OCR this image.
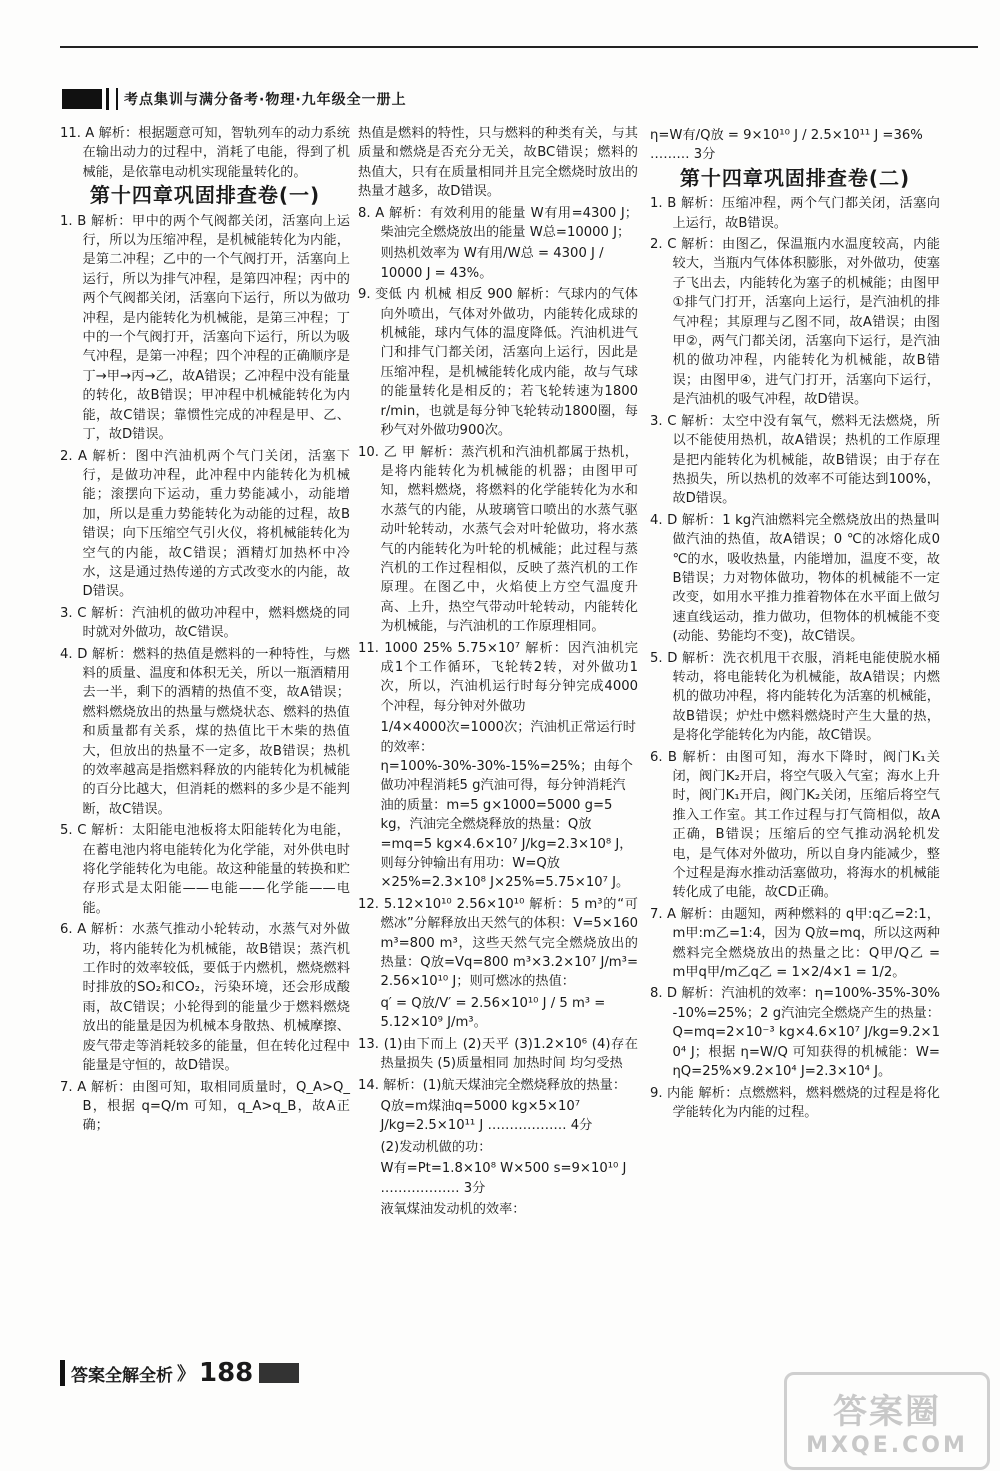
考点集训与满分备考·物理·九年级全一册上

11. A 解析：根据题意可知，智轨列车的动力系统在输出动力的过程中，消耗了电能，得到了机械能，是依靠电动机实现能量转化的。

第十四章巩固排查卷(一)

1. B 解析：甲中的两个气阀都关闭，活塞向上运行，所以为压缩冲程，是机械能转化为内能，是第二冲程；乙中的一个气阀打开，活塞向上运行，所以为排气冲程，是第四冲程；丙中的两个气阀都关闭，活塞向下运行，所以为做功冲程，是内能转化为机械能，是第三冲程；丁中的一个气阀打开，活塞向下运行，所以为吸气冲程，是第一冲程；四个冲程的正确顺序是丁→甲→丙→乙，故A错误；乙冲程中没有能量的转化，故B错误；甲冲程中机械能转化为内能，故C错误；靠惯性完成的冲程是甲、乙、丁，故D错误。

2. A 解析：图中汽油机两个气门关闭，活塞下行，是做功冲程，此冲程中内能转化为机械能；滚摆向下运动，重力势能减小，动能增加，所以是重力势能转化为动能的过程，故B错误；向下压缩空气引火仪，将机械能转化为空气的内能，故C错误；酒精灯加热杯中冷水，这是通过热传递的方式改变水的内能，故D错误。

3. C 解析：汽油机的做功冲程中，燃料燃烧的同时就对外做功，故C错误。

4. D 解析：燃料的热值是燃料的一种特性，与燃料的质量、温度和体积无关，所以一瓶酒精用去一半，剩下的酒精的热值不变，故A错误；燃料燃烧放出的热量与燃烧状态、燃料的热值和质量都有关系，煤的热值比干木柴的热值大，但放出的热量不一定多，故B错误；热机的效率越高是指燃料释放的内能转化为机械能的百分比越大，但消耗的燃料的多少是不能判断，故C错误。

5. C 解析：太阳能电池板将太阳能转化为电能，在蓄电池内将电能转化为化学能，对外供电时将化学能转化为电能。故这种能量的转换和贮存形式是太阳能——电能——化学能——电能。

6. A 解析：水蒸气推动小轮转动，水蒸气对外做功，将内能转化为机械能，故B错误；蒸汽机工作时的效率较低，要低于内燃机，燃烧燃料时排放的SO₂和CO₂，污染环境，还会形成酸雨，故C错误；小轮得到的能量少于燃料燃烧放出的能量是因为机械本身散热、机械摩擦、废气带走等消耗较多的能量，但在转化过程中能量是守恒的，故D错误。

7. A 解析：由图可知，取相同质量时，Q_A>Q_B，根据 q=Q/m 可知，q_A>q_B，故A正确；

热值是燃料的特性，只与燃料的种类有关，与其质量和燃烧是否充分无关，故BC错误；燃料的热值大，只有在质量相同并且完全燃烧时放出的热量才越多，故D错误。

8. A 解析：有效利用的能量 W有用=4300 J；柴油完全燃烧放出的能量 W总=10000 J；

则热机效率为 W有用/W总 = 4300 J / 10000 J = 43%。

9. 变低 内 机械 相反 900 解析：气球内的气体向外喷出，气体对外做功，内能转化成球的机械能，球内气体的温度降低。汽油机进气门和排气门都关闭，活塞向上运行，因此是压缩冲程，是机械能转化成内能，故与气球的能量转化是相反的；若飞轮转速为1800 r/min，也就是每分钟飞轮转动1800圈，每秒气对外做功900次。

10. 乙 甲 解析：蒸汽机和汽油机都属于热机，是将内能转化为机械能的机器；由图甲可知，燃料燃烧，将燃料的化学能转化为水和水蒸气的内能，从玻璃管口喷出的水蒸气驱动叶轮转动，水蒸气会对叶轮做功，将水蒸气的内能转化为叶轮的机械能；此过程与蒸汽机的工作过程相似，反映了蒸汽机的工作原理。在图乙中，火焰使上方空气温度升高、上升，热空气带动叶轮转动，内能转化为机械能，与汽油机的工作原理相同。

11. 1000 25% 5.75×10⁷ 解析：因汽油机完成1个工作循环，飞轮转2转，对外做功1次，所以，汽油机运行时每分钟完成4000个冲程，每分钟对外做功

1/4×4000次=1000次；汽油机正常运行时的效率：η=100%-30%-30%-15%=25%；由每个做功冲程消耗5 g汽油可得，每分钟消耗汽油的质量：m=5 g×1000=5000 g=5 kg，汽油完全燃烧释放的热量：Q放=mq=5 kg×4.6×10⁷ J/kg=2.3×10⁸ J，则每分钟输出有用功：W=Q放×25%=2.3×10⁸ J×25%=5.75×10⁷ J。

12. 5.12×10¹⁰ 2.56×10¹⁰ 解析：5 m³的“可燃冰”分解释放出天然气的体积：V=5×160 m³=800 m³，这些天然气完全燃烧放出的热量：Q放=Vq=800 m³×3.2×10⁷ J/m³=2.56×10¹⁰ J；则可燃冰的热值：

q′ = Q放/V′ = 2.56×10¹⁰ J / 5 m³ = 5.12×10⁹ J/m³。

13. (1)由下而上 (2)天平 (3)1.2×10⁶ (4)存在热量损失 (5)质量相同 加热时间 均匀受热

14. 解析：(1)航天煤油完全燃烧释放的热量：

Q放=m煤油q=5000 kg×5×10⁷ J/kg=2.5×10¹¹ J ……………… 4分

(2)发动机做的功：

W有=Pt=1.8×10⁸ W×500 s=9×10¹⁰ J ……………… 3分

液氧煤油发动机的效率：

η=W有/Q放 = 9×10¹⁰ J / 2.5×10¹¹ J =36% ……… 3分

第十四章巩固排查卷(二)

1. B 解析：压缩冲程，两个气门都关闭，活塞向上运行，故B错误。

2. C 解析：由图乙，保温瓶内水温度较高，内能较大，当瓶内气体体积膨胀，对外做功，使塞子飞出去，内能转化为塞子的机械能；由图甲①排气门打开，活塞向上运行，是汽油机的排气冲程；其原理与乙图不同，故A错误；由图甲②，两气门都关闭，活塞向下运行，是汽油机的做功冲程，内能转化为机械能，故B错误；由图甲④，进气门打开，活塞向下运行，是汽油机的吸气冲程，故D错误。

3. C 解析：太空中没有氧气，燃料无法燃烧，所以不能使用热机，故A错误；热机的工作原理是把内能转化为机械能，故B错误；由于存在热损失，所以热机的效率不可能达到100%，故D错误。

4. D 解析：1 kg汽油燃料完全燃烧放出的热量叫做汽油的热值，故A错误；0 ℃的冰熔化成0 ℃的水，吸收热量，内能增加，温度不变，故B错误；力对物体做功，物体的机械能不一定改变，如用水平推力推着物体在水平面上做匀速直线运动，推力做功，但物体的机械能不变(动能、势能均不变)，故C错误。

5. D 解析：洗衣机甩干衣服，消耗电能使脱水桶转动，将电能转化为机械能，故A错误；内燃机的做功冲程，将内能转化为活塞的机械能，故B错误；炉灶中燃料燃烧时产生大量的热，是将化学能转化为内能，故C错误。

6. B 解析：由图可知，海水下降时，阀门K₁关闭，阀门K₂开启，将空气吸入气室；海水上升时，阀门K₁开启，阀门K₂关闭，压缩后将空气推入工作室。其工作过程与打气筒相似，故A正确，B错误；压缩后的空气推动涡轮机发电，是气体对外做功，所以自身内能减少，整个过程是海水推动活塞做功，将海水的机械能转化成了电能，故CD正确。

7. A 解析：由题知，两种燃料的 q甲:q乙=2:1，m甲:m乙=1:4，因为 Q放=mq，所以这两种燃料完全燃烧放出的热量之比：Q甲/Q乙 = m甲q甲/m乙q乙 = 1×2/4×1 = 1/2。

8. D 解析：汽油机的效率：η=100%-35%-30%-10%=25%；2 g汽油完全燃烧产生的热量：Q=mq=2×10⁻³ kg×4.6×10⁷ J/kg=9.2×10⁴ J；根据 η=W/Q 可知获得的机械能：W=ηQ=25%×9.2×10⁴ J=2.3×10⁴ J。

9. 内能 解析：点燃燃料，燃料燃烧的过程是将化学能转化为内能的过程。

答案全解全析 》 188
答案圈
MXQE.COM
